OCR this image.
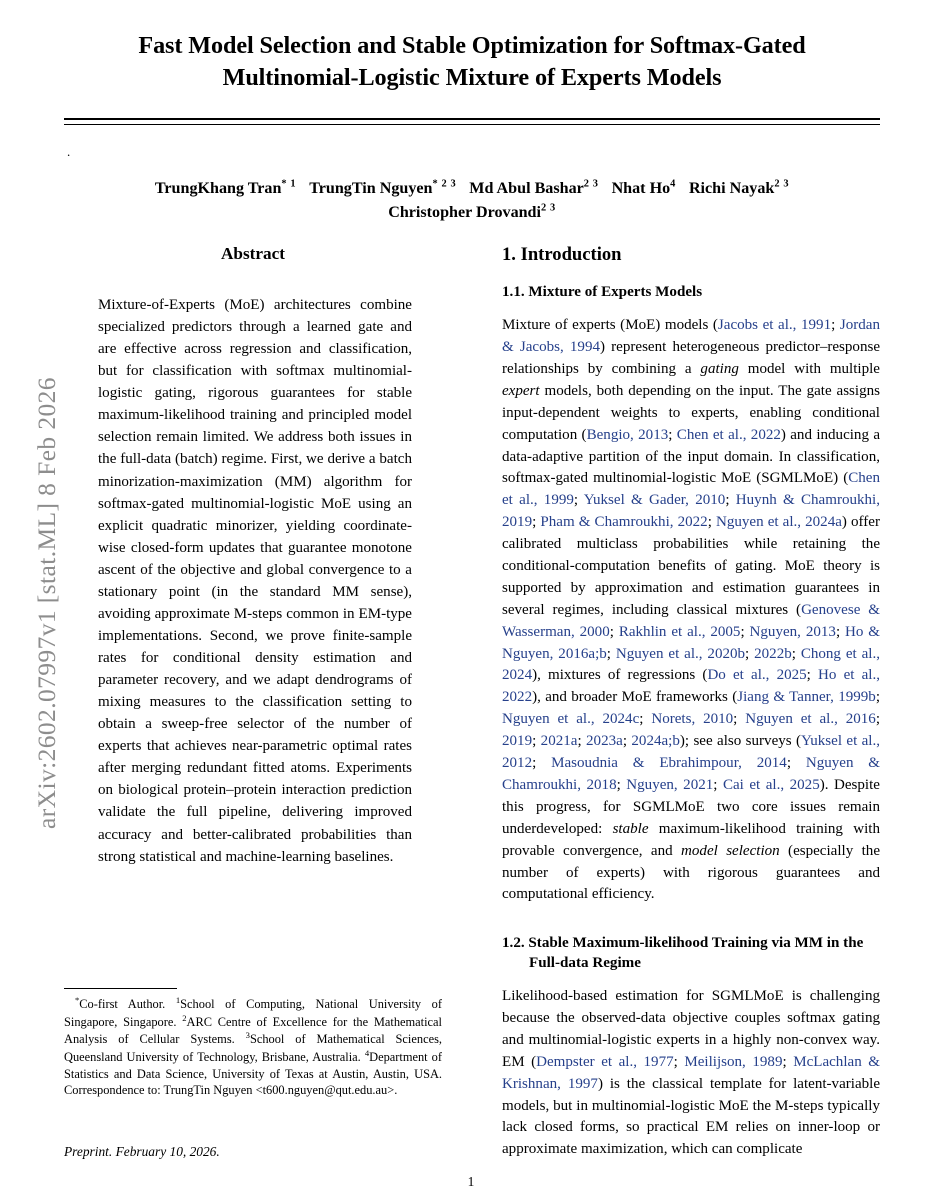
arXiv:2602.07997v1 [stat.ML] 8 Feb 2026
Fast Model Selection and Stable Optimization for Softmax-Gated Multinomial-Logistic Mixture of Experts Models
.
TrungKhang Tran$^{* 1}$ TrungTin Nguyen$^{* 2 3}$ Md Abul Bashar$^{2 3}$ Nhat Ho$^4$ Richi Nayak$^{2 3}$
Christopher Drovandi$^{2 3}$
Abstract
Mixture-of-Experts (MoE) architectures combine specialized predictors through a learned gate and are effective across regression and classification, but for classification with softmax multinomial-logistic gating, rigorous guarantees for stable maximum-likelihood training and principled model selection remain limited. We address both issues in the full-data (batch) regime. First, we derive a batch minorization-maximization (MM) algorithm for softmax-gated multinomial-logistic MoE using an explicit quadratic minorizer, yielding coordinate-wise closed-form updates that guarantee monotone ascent of the objective and global convergence to a stationary point (in the standard MM sense), avoiding approximate M-steps common in EM-type implementations. Second, we prove finite-sample rates for conditional density estimation and parameter recovery, and we adapt dendrograms of mixing measures to the classification setting to obtain a sweep-free selector of the number of experts that achieves near-parametric optimal rates after merging redundant fitted atoms. Experiments on biological protein–protein interaction prediction validate the full pipeline, delivering improved accuracy and better-calibrated probabilities than strong statistical and machine-learning baselines.
1. Introduction
1.1. Mixture of Experts Models

Mixture of experts (MoE) models (Jacobs et al., 1991; Jordan & Jacobs, 1994) represent heterogeneous predictor–response relationships by combining a gating model with multiple expert models, both depending on the input. The gate assigns input-dependent weights to experts, enabling conditional computation (Bengio, 2013; Chen et al., 2022) and inducing a data-adaptive partition of the input domain. In classification, softmax-gated multinomial-logistic MoE (SGMLMoE) (Chen et al., 1999; Yuksel & Gader, 2010; Huynh & Chamroukhi, 2019; Pham & Chamroukhi, 2022; Nguyen et al., 2024a) offer calibrated multiclass probabilities while retaining the conditional-computation benefits of gating. MoE theory is supported by approximation and estimation guarantees in several regimes, including classical mixtures (Genovese & Wasserman, 2000; Rakhlin et al., 2005; Nguyen, 2013; Ho & Nguyen, 2016a;b; Nguyen et al., 2020b; 2022b; Chong et al., 2024), mixtures of regressions (Do et al., 2025; Ho et al., 2022), and broader MoE frameworks (Jiang & Tanner, 1999b; Nguyen et al., 2024c; Norets, 2010; Nguyen et al., 2016; 2019; 2021a; 2023a; 2024a;b); see also surveys (Yuksel et al., 2012; Masoudnia & Ebrahimpour, 2014; Nguyen & Chamroukhi, 2018; Nguyen, 2021; Cai et al., 2025). Despite this progress, for SGMLMoE two core issues remain underdeveloped: stable maximum-likelihood training with provable convergence, and model selection (especially the number of experts) with rigorous guarantees and computational efficiency.

1.2. Stable Maximum-likelihood Training via MM in the Full-data Regime

Likelihood-based estimation for SGMLMoE is challenging because the observed-data objective couples softmax gating and multinomial-logistic experts in a highly non-convex way. EM (Dempster et al., 1977; Meilijson, 1989; McLachlan & Krishnan, 1997) is the classical template for latent-variable models, but in multinomial-logistic MoE the M-steps typically lack closed forms, so practical EM relies on inner-loop or approximate maximization, which can complicate

*Co-first Author. $^1$School of Computing, National University of Singapore, Singapore. $^2$ARC Centre of Excellence for the Mathematical Analysis of Cellular Systems. $^3$School of Mathematical Sciences, Queensland University of Technology, Brisbane, Australia. $^4$Department of Statistics and Data Science, University of Texas at Austin, Austin, USA. Correspondence to: TrungTin Nguyen <t600.nguyen@qut.edu.au>.
Preprint. February 10, 2026.
1
